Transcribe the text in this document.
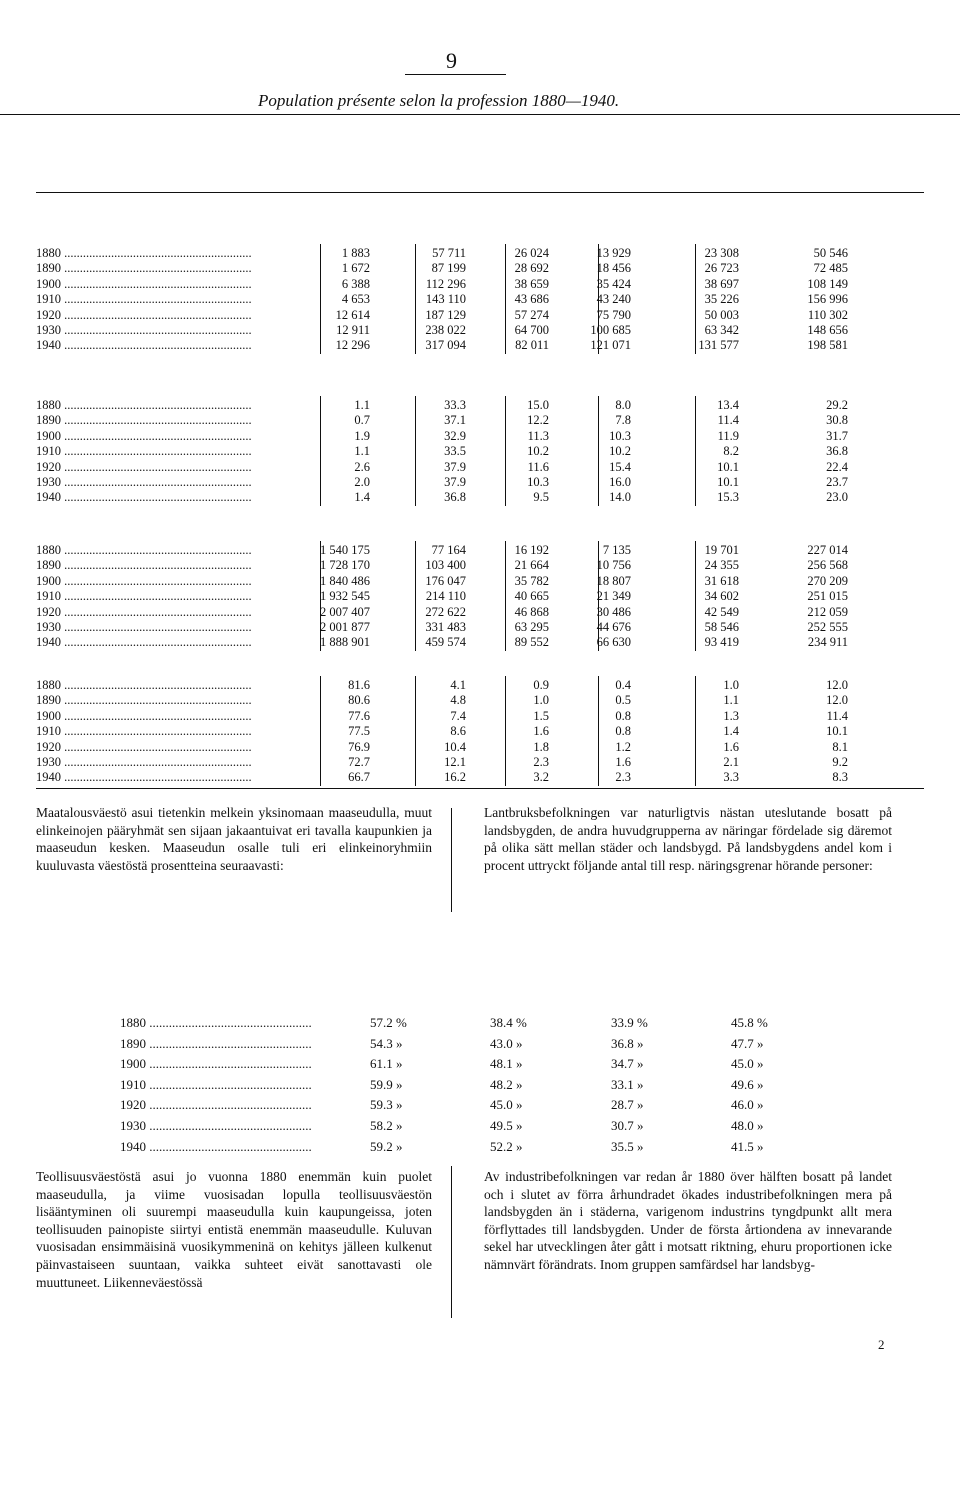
9
Population présente selon la profession 1880—1940.
1880 ............................................................	1 883	57 711	26 024	13 929	23 308	50 546
1890 ............................................................	1 672	87 199	28 692	18 456	26 723	72 485
1900 ............................................................	6 388	112 296	38 659	35 424	38 697	108 149
1910 ............................................................	4 653	143 110	43 686	43 240	35 226	156 996
1920 ............................................................	12 614	187 129	57 274	75 790	50 003	110 302
1930 ............................................................	12 911	238 022	64 700	100 685	63 342	148 656
1940 ............................................................	12 296	317 094	82 011	121 071	131 577	198 581
1880 ............................................................	1.1	33.3	15.0	8.0	13.4	29.2
1890 ............................................................	0.7	37.1	12.2	7.8	11.4	30.8
1900 ............................................................	1.9	32.9	11.3	10.3	11.9	31.7
1910 ............................................................	1.1	33.5	10.2	10.2	8.2	36.8
1920 ............................................................	2.6	37.9	11.6	15.4	10.1	22.4
1930 ............................................................	2.0	37.9	10.3	16.0	10.1	23.7
1940 ............................................................	1.4	36.8	9.5	14.0	15.3	23.0
1880 ............................................................	1 540 175	77 164	16 192	7 135	19 701	227 014
1890 ............................................................	1 728 170	103 400	21 664	10 756	24 355	256 568
1900 ............................................................	1 840 486	176 047	35 782	18 807	31 618	270 209
1910 ............................................................	1 932 545	214 110	40 665	21 349	34 602	251 015
1920 ............................................................	2 007 407	272 622	46 868	30 486	42 549	212 059
1930 ............................................................	2 001 877	331 483	63 295	44 676	58 546	252 555
1940 ............................................................	1 888 901	459 574	89 552	66 630	93 419	234 911
1880 ............................................................	81.6	4.1	0.9	0.4	1.0	12.0
1890 ............................................................	80.6	4.8	1.0	0.5	1.1	12.0
1900 ............................................................	77.6	7.4	1.5	0.8	1.3	11.4
1910 ............................................................	77.5	8.6	1.6	0.8	1.4	10.1
1920 ............................................................	76.9	10.4	1.8	1.2	1.6	8.1
1930 ............................................................	72.7	12.1	2.3	1.6	2.1	9.2
1940 ............................................................	66.7	16.2	3.2	2.3	3.3	8.3

Maatalousväestö asui tietenkin melkein yksinomaan maaseudulla, muut elinkeinojen pääryhmät sen sijaan jakaantuivat eri tavalla kaupunkien ja maaseudun kesken. Maaseudun osalle tuli eri elinkeinoryhmiin kuuluvasta väestöstä prosentteina seuraavasti:

Lantbruksbefolkningen var naturligtvis nästan uteslutande bosatt på landsbygden, de andra huvudgrupperna av näringar fördelade sig däremot på olika sätt mellan städer och landsbygd. På landsbygdens andel kom i procent uttryckt följande antal till resp. näringsgrenar hörande personer:

1880 ..................................................	57.2 %	38.4 %	33.9 %	45.8 %
1890 ..................................................	54.3 »	43.0 »	36.8 »	47.7 »
1900 ..................................................	61.1 »	48.1 »	34.7 »	45.0 »
1910 ..................................................	59.9 »	48.2 »	33.1 »	49.6 »
1920 ..................................................	59.3 »	45.0 »	28.7 »	46.0 »
1930 ..................................................	58.2 »	49.5 »	30.7 »	48.0 »
1940 ..................................................	59.2 »	52.2 »	35.5 »	41.5 »

Teollisuusväestöstä asui jo vuonna 1880 enemmän kuin puolet maaseudulla, ja viime vuosisadan lopulla teollisuusväestön lisääntyminen oli suurempi maaseudulla kuin kaupungeissa, joten teollisuuden painopiste siirtyi entistä enemmän maaseudulle. Kuluvan vuosisadan ensimmäisinä vuosikymmeninä on kehitys jälleen kulkenut päinvastaiseen suuntaan, vaikka suhteet eivät sanottavasti ole muuttuneet. Liikenneväestössä

Av industribefolkningen var redan år 1880 över hälften bosatt på landet och i slutet av förra århundradet ökades industribefolkningen mera på landsbygden än i städerna, varigenom industrins tyngdpunkt allt mera förflyttades till landsbygden. Under de första årtiondena av innevarande sekel har utvecklingen åter gått i motsatt riktning, ehuru proportionen icke nämnvärt förändrats. Inom gruppen samfärdsel har landsbyg-

2
